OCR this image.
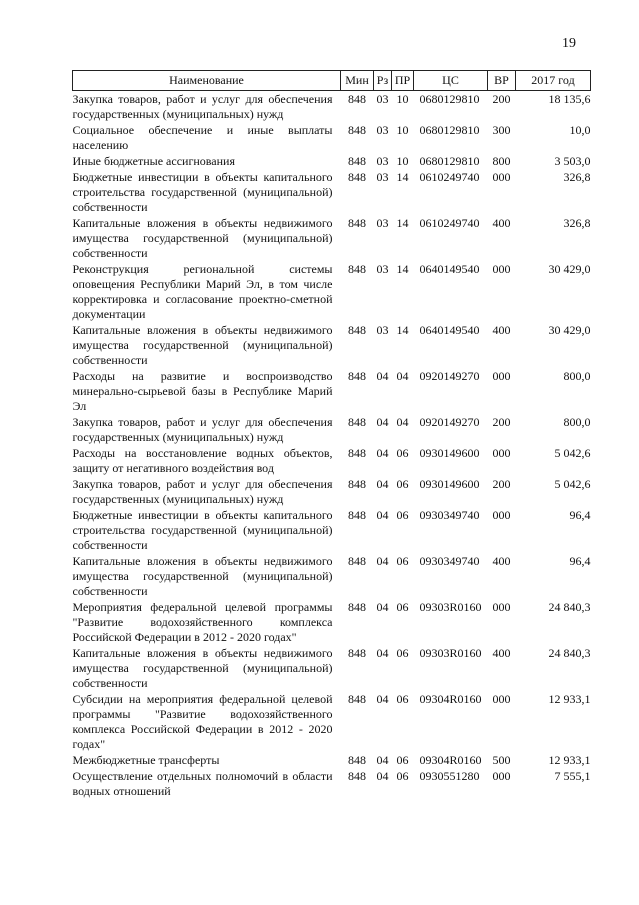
19
Наименование	Мин	Рз	ПР	ЦС	ВР	2017 год
Закупка товаров, работ и услуг для обеспечения государственных (муниципальных) нужд	848	03	10	0680129810	200	18 135,6
Социальное обеспечение и иные выплаты населению	848	03	10	0680129810	300	10,0
Иные бюджетные ассигнования	848	03	10	0680129810	800	3 503,0
Бюджетные инвестиции в объекты капитального строительства государственной (муниципальной) собственности	848	03	14	0610249740	000	326,8
Капитальные вложения в объекты недвижимого имущества государственной (муниципальной) собственности	848	03	14	0610249740	400	326,8
Реконструкция региональной системы оповещения Республики Марий Эл, в том числе корректировка и согласование проектно-сметной документации	848	03	14	0640149540	000	30 429,0
Капитальные вложения в объекты недвижимого имущества государственной (муниципальной) собственности	848	03	14	0640149540	400	30 429,0
Расходы на развитие и воспроизводство минерально-сырьевой базы в Республике Марий Эл	848	04	04	0920149270	000	800,0
Закупка товаров, работ и услуг для обеспечения государственных (муниципальных) нужд	848	04	04	0920149270	200	800,0
Расходы на восстановление водных объектов, защиту от негативного воздействия вод	848	04	06	0930149600	000	5 042,6
Закупка товаров, работ и услуг для обеспечения государственных (муниципальных) нужд	848	04	06	0930149600	200	5 042,6
Бюджетные инвестиции в объекты капитального строительства государственной (муниципальной) собственности	848	04	06	0930349740	000	96,4
Капитальные вложения в объекты недвижимого имущества государственной (муниципальной) собственности	848	04	06	0930349740	400	96,4
Мероприятия федеральной целевой программы "Развитие водохозяйственного комплекса Российской Федерации в 2012 - 2020 годах"	848	04	06	09303R0160	000	24 840,3
Капитальные вложения в объекты недвижимого имущества государственной (муниципальной) собственности	848	04	06	09303R0160	400	24 840,3
Субсидии на мероприятия федеральной целевой программы "Развитие водохозяйственного комплекса Российской Федерации в 2012 - 2020 годах"	848	04	06	09304R0160	000	12 933,1
Межбюджетные трансферты	848	04	06	09304R0160	500	12 933,1
Осуществление отдельных полномочий в области водных отношений	848	04	06	0930551280	000	7 555,1
